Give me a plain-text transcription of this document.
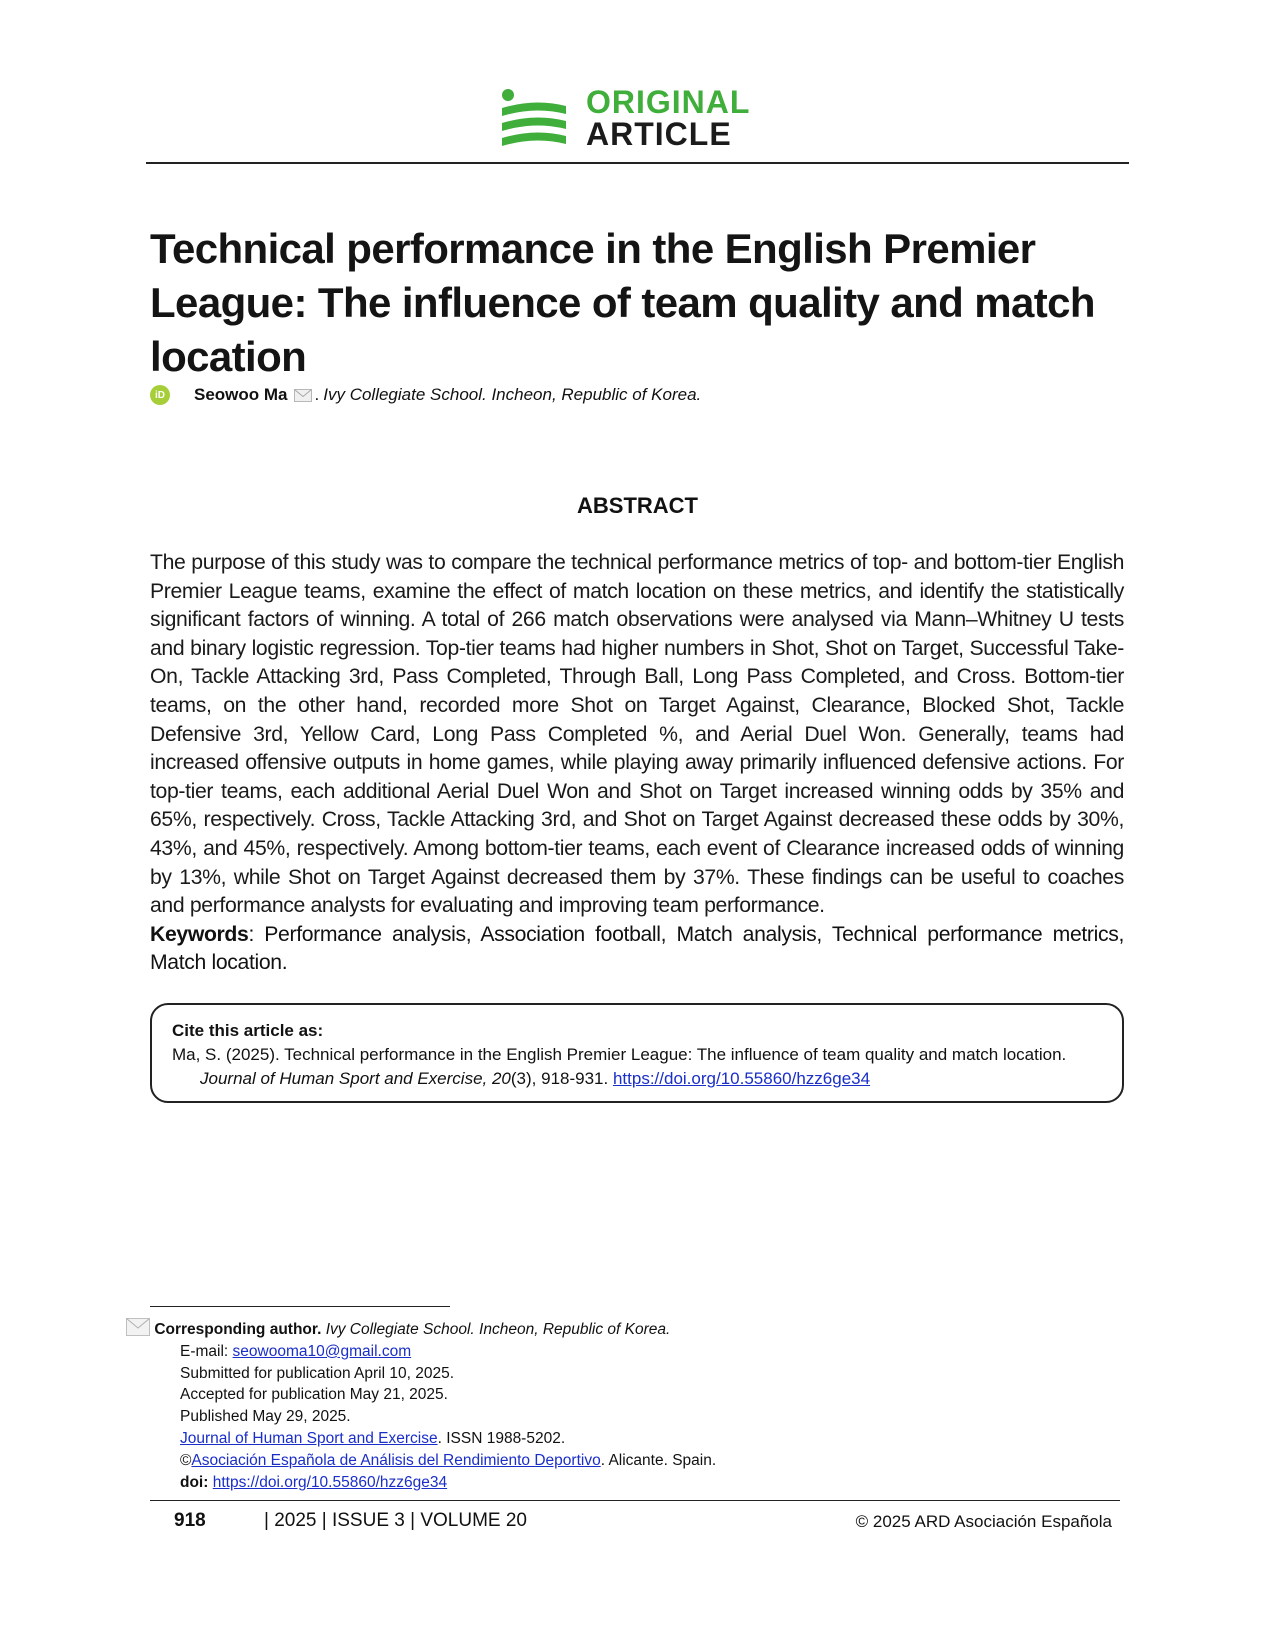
ORIGINAL
ARTICLE
Technical performance in the English Premier League: The influence of team quality and match location
iD Seowoo Ma . Ivy Collegiate School. Incheon, Republic of Korea.
ABSTRACT
The purpose of this study was to compare the technical performance metrics of top- and bottom-tier English Premier League teams, examine the effect of match location on these metrics, and identify the statistically significant factors of winning. A total of 266 match observations were analysed via Mann–Whitney U tests and binary logistic regression. Top-tier teams had higher numbers in Shot, Shot on Target, Successful Take-On, Tackle Attacking 3rd, Pass Completed, Through Ball, Long Pass Completed, and Cross. Bottom-tier teams, on the other hand, recorded more Shot on Target Against, Clearance, Blocked Shot, Tackle Defensive 3rd, Yellow Card, Long Pass Completed %, and Aerial Duel Won. Generally, teams had increased offensive outputs in home games, while playing away primarily influenced defensive actions. For top-tier teams, each additional Aerial Duel Won and Shot on Target increased winning odds by 35% and 65%, respectively. Cross, Tackle Attacking 3rd, and Shot on Target Against decreased these odds by 30%, 43%, and 45%, respectively. Among bottom-tier teams, each event of Clearance increased odds of winning by 13%, while Shot on Target Against decreased them by 37%. These findings can be useful to coaches and performance analysts for evaluating and improving team performance.
Keywords: Performance analysis, Association football, Match analysis, Technical performance metrics, Match location.
Cite this article as:
Ma, S. (2025). Technical performance in the English Premier League: The influence of team quality and match location.
Journal of Human Sport and Exercise, 20(3), 918-931. https://doi.org/10.55860/hzz6ge34
Corresponding author. Ivy Collegiate School. Incheon, Republic of Korea.
E-mail: seowooma10@gmail.com
Submitted for publication April 10, 2025.
Accepted for publication May 21, 2025.
Published May 29, 2025.
Journal of Human Sport and Exercise. ISSN 1988-5202.
©Asociación Española de Análisis del Rendimiento Deportivo. Alicante. Spain.
doi: https://doi.org/10.55860/hzz6ge34
918	| 2025 | ISSUE 3 | VOLUME 20	© 2025 ARD Asociación Española
